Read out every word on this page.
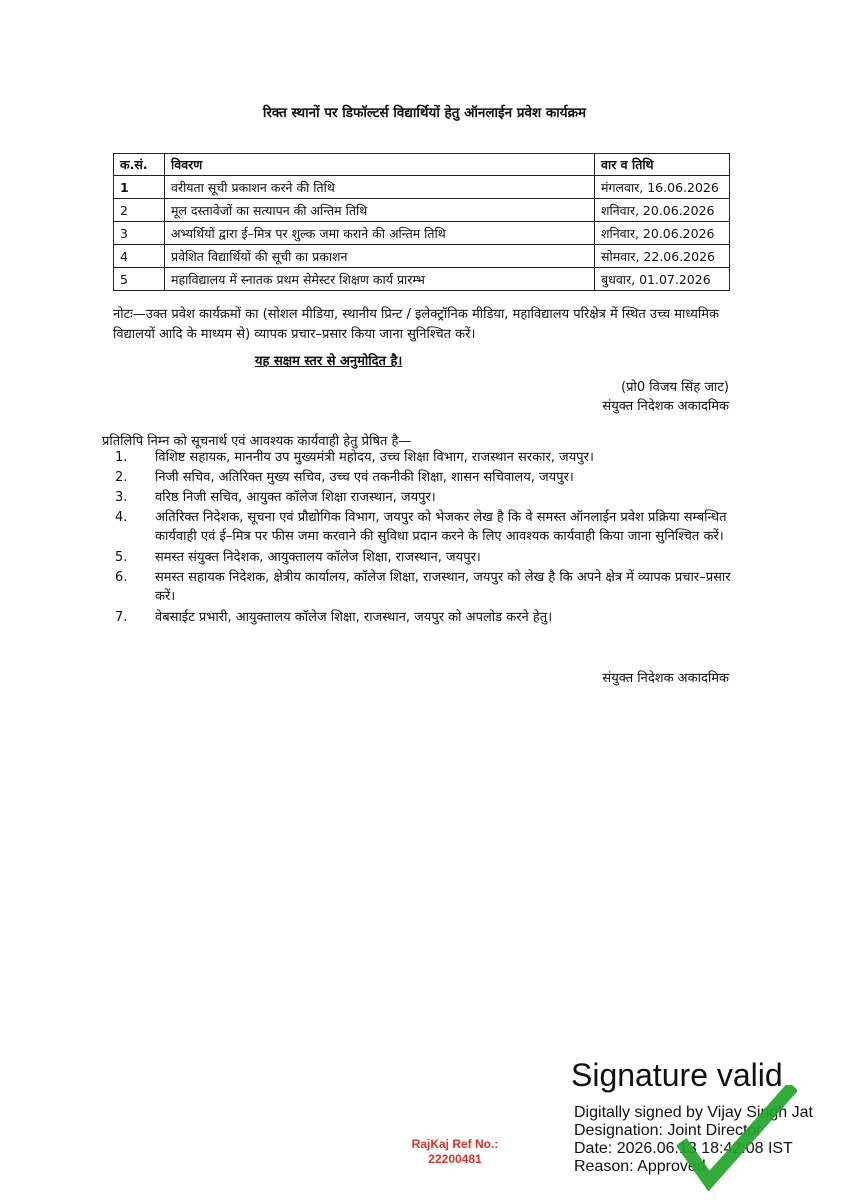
रिक्त स्थानों पर डिफॉल्टर्स विद्यार्थियों हेतु ऑनलाईन प्रवेश कार्यक्रम
क.सं.	विवरण	वार व तिथि
1	वरीयता सूची प्रकाशन करने की तिथि	मंगलवार, 16.06.2026
2	मूल दस्तावेजों का सत्यापन की अन्तिम तिथि	शनिवार, 20.06.2026
3	अभ्यर्थियों द्वारा ई–मित्र पर शुल्क जमा कराने की अन्तिम तिथि	शनिवार, 20.06.2026
4	प्रवेशित विद्यार्थियों की सूची का प्रकाशन	सोमवार, 22.06.2026
5	महाविद्यालय में स्नातक प्रथम सेमेस्टर शिक्षण कार्य प्रारम्भ	बुधवार, 01.07.2026
नोटः—उक्त प्रवेश कार्यक्रमों का (सोशल मीडिया, स्थानीय प्रिन्ट / इलेक्ट्रॉनिक मीडिया, महाविद्यालय परिक्षेत्र में स्थित उच्च माध्यमिक विद्यालयों आदि के माध्यम से) व्यापक प्रचार–प्रसार किया जाना सुनिश्चित करें।
यह सक्षम स्तर से अनुमोदित है।
(प्रो0 विजय सिंह जाट)
संयुक्त निदेशक अकादमिक
प्रतिलिपि निम्न को सूचनार्थ एवं आवश्यक कार्यवाही हेतु प्रेषित है—
1. विशिष्ट सहायक, माननीय उप मुख्यमंत्री महोदय, उच्च शिक्षा विभाग, राजस्थान सरकार, जयपुर।
2. निजी सचिव, अतिरिक्त मुख्य सचिव, उच्च एवं तकनीकी शिक्षा, शासन सचिवालय, जयपुर।
3. वरिष्ठ निजी सचिव, आयुक्त कॉलेज शिक्षा राजस्थान, जयपुर।
4. अतिरिक्त निदेशक, सूचना एवं प्रौद्योगिक विभाग, जयपुर को भेजकर लेख है कि वे समस्त ऑनलाईन प्रवेश प्रक्रिया सम्बन्धित कार्यवाही एवं ई–मित्र पर फीस जमा करवाने की सुविधा प्रदान करने के लिए आवश्यक कार्यवाही किया जाना सुनिश्चित करें।
5. समस्त संयुक्त निदेशक, आयुक्तालय कॉलेज शिक्षा, राजस्थान, जयपुर।
6. समस्त सहायक निदेशक, क्षेत्रीय कार्यालय, कॉलेज शिक्षा, राजस्थान, जयपुर को लेख है कि अपने क्षेत्र में व्यापक प्रचार–प्रसार करें।
7. वेबसाईट प्रभारी, आयुक्तालय कॉलेज शिक्षा, राजस्थान, जयपुर को अपलोड करने हेतु।
संयुक्त निदेशक अकादमिक
RajKaj Ref No.:
22200481
Signature valid
Digitally signed by Vijay Singh Jat
Designation: Joint Director
Date: 2026.06.13 18:42:08 IST
Reason: Approved
